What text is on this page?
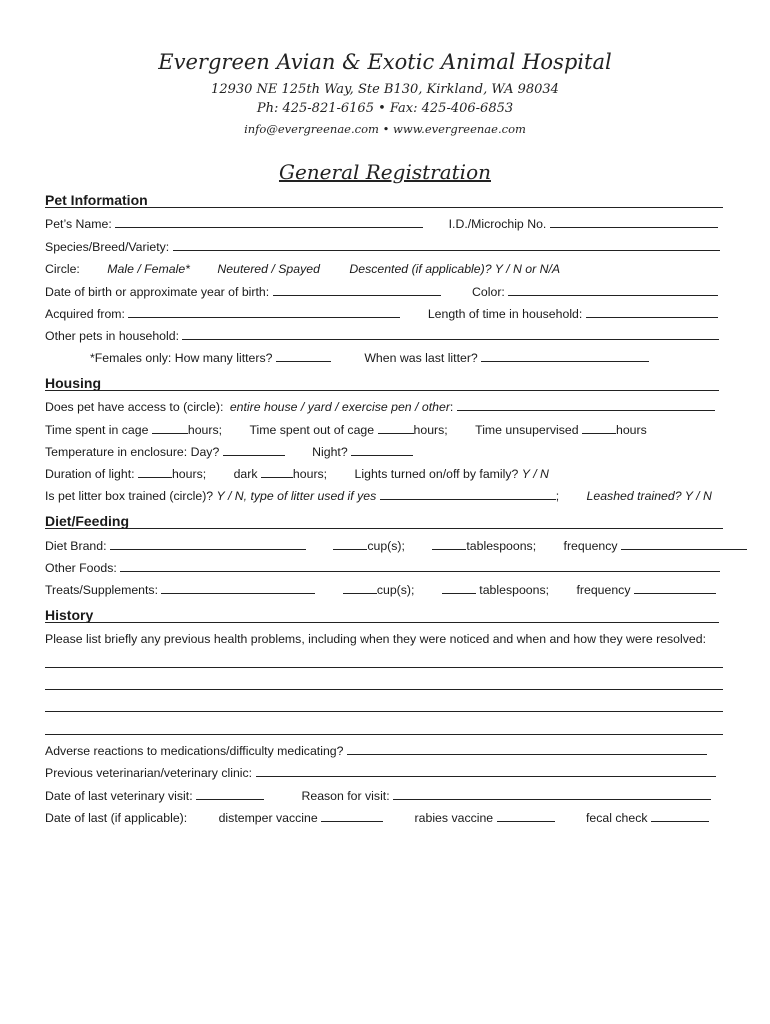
Evergreen Avian & Exotic Animal Hospital
12930 NE 125th Way, Ste B130, Kirkland, WA 98034
Ph: 425-821-6165 • Fax: 425-406-6853
info@evergreenae.com • www.evergreenae.com
General Registration
Pet Information
Pet’s Name:	I.D./Microchip No.
Species/Breed/Variety:
Circle: Male / Female* Neutered / Spayed Descented (if applicable)? Y / N or N/A
Date of birth or approximate year of birth:	Color:
Acquired from:	Length of time in household:
Other pets in household:
*Females only: How many litters?	When was last litter?
Housing
Does pet have access to (circle): entire house / yard / exercise pen / other:
Time spent in cage	hours; Time spent out of cage	hours; Time unsupervised	hours
Temperature in enclosure: Day?	Night?
Duration of light:	hours; dark	hours; Lights turned on/off by family? Y / N
Is pet litter box trained (circle)? Y / N, type of litter used if yes	; Leashed trained? Y / N
Diet/Feeding
Diet Brand:	cup(s);	tablespoons; frequency
Other Foods:
Treats/Supplements:	cup(s);	tablespoons; frequency
History
Please list briefly any previous health problems, including when they were noticed and when and how they were resolved:
Adverse reactions to medications/difficulty medicating?
Previous veterinarian/veterinary clinic:
Date of last veterinary visit:	Reason for visit:
Date of last (if applicable):	distemper vaccine	rabies vaccine	fecal check
